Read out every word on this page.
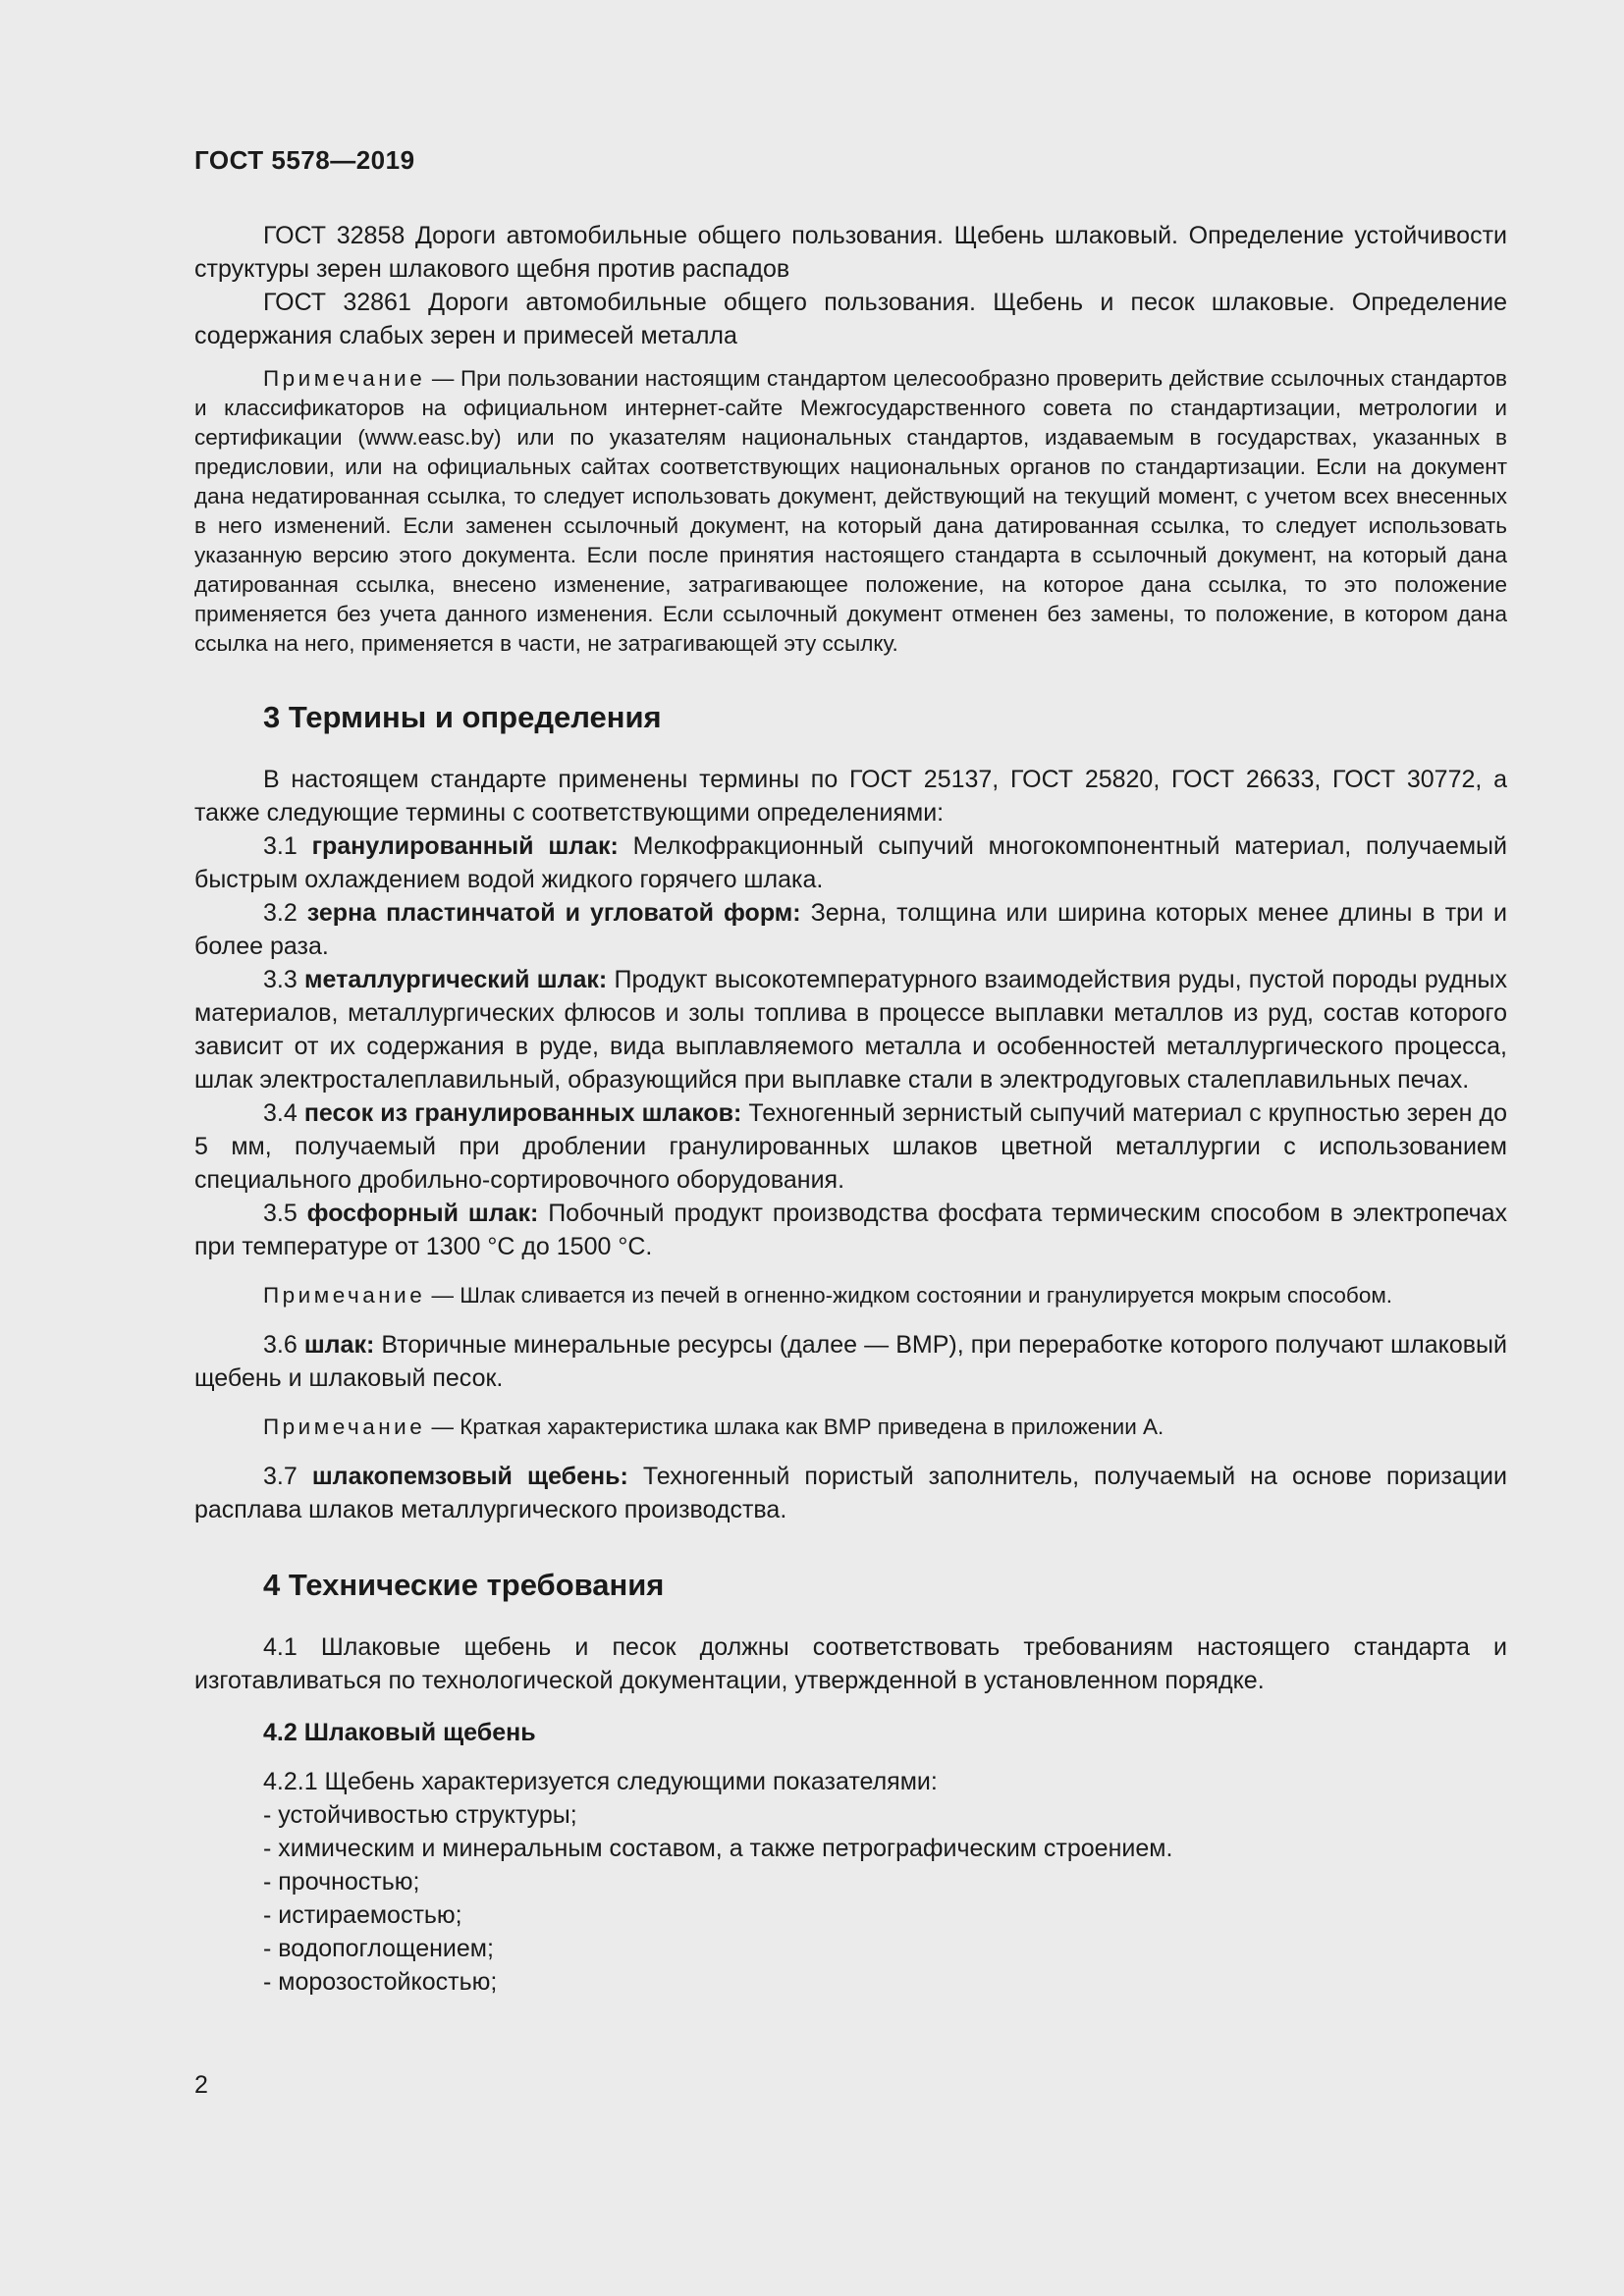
ГОСТ 5578—2019

ГОСТ 32858 Дороги автомобильные общего пользования. Щебень шлаковый. Определение устойчивости структуры зерен шлакового щебня против распадов

ГОСТ 32861 Дороги автомобильные общего пользования. Щебень и песок шлаковые. Определение содержания слабых зерен и примесей металла

Примечание — При пользовании настоящим стандартом целесообразно проверить действие ссылочных стандартов и классификаторов на официальном интернет-сайте Межгосударственного совета по стандартизации, метрологии и сертификации (www.easc.by) или по указателям национальных стандартов, издаваемым в государствах, указанных в предисловии, или на официальных сайтах соответствующих национальных органов по стандартизации. Если на документ дана недатированная ссылка, то следует использовать документ, действующий на текущий момент, с учетом всех внесенных в него изменений. Если заменен ссылочный документ, на который дана датированная ссылка, то следует использовать указанную версию этого документа. Если после принятия настоящего стандарта в ссылочный документ, на который дана датированная ссылка, внесено изменение, затрагивающее положение, на которое дана ссылка, то это положение применяется без учета данного изменения. Если ссылочный документ отменен без замены, то положение, в котором дана ссылка на него, применяется в части, не затрагивающей эту ссылку.
3 Термины и определения

В настоящем стандарте применены термины по ГОСТ 25137, ГОСТ 25820, ГОСТ 26633, ГОСТ 30772, а также следующие термины с соответствующими определениями:

3.1 гранулированный шлак: Мелкофракционный сыпучий многокомпонентный материал, получаемый быстрым охлаждением водой жидкого горячего шлака.

3.2 зерна пластинчатой и угловатой форм: Зерна, толщина или ширина которых менее длины в три и более раза.

3.3 металлургический шлак: Продукт высокотемпературного взаимодействия руды, пустой породы рудных материалов, металлургических флюсов и золы топлива в процессе выплавки металлов из руд, состав которого зависит от их содержания в руде, вида выплавляемого металла и особенностей металлургического процесса, шлак электросталеплавильный, образующийся при выплавке стали в электродуговых сталеплавильных печах.

3.4 песок из гранулированных шлаков: Техногенный зернистый сыпучий материал с крупностью зерен до 5 мм, получаемый при дроблении гранулированных шлаков цветной металлургии с использованием специального дробильно-сортировочного оборудования.

3.5 фосфорный шлак: Побочный продукт производства фосфата термическим способом в электропечах при температуре от 1300 °С до 1500 °С.

Примечание — Шлак сливается из печей в огненно-жидком состоянии и гранулируется мокрым способом.

3.6 шлак: Вторичные минеральные ресурсы (далее — ВМР), при переработке которого получают шлаковый щебень и шлаковый песок.

Примечание — Краткая характеристика шлака как ВМР приведена в приложении А.

3.7 шлакопемзовый щебень: Техногенный пористый заполнитель, получаемый на основе поризации расплава шлаков металлургического производства.

4 Технические требования

4.1 Шлаковые щебень и песок должны соответствовать требованиям настоящего стандарта и изготавливаться по технологической документации, утвержденной в установленном порядке.

4.2 Шлаковый щебень

4.2.1 Щебень характеризуется следующими показателями:

- устойчивостью структуры;
- химическим и минеральным составом, а также петрографическим строением.
- прочностью;
- истираемостью;
- водопоглощением;
- морозостойкостью;
2
